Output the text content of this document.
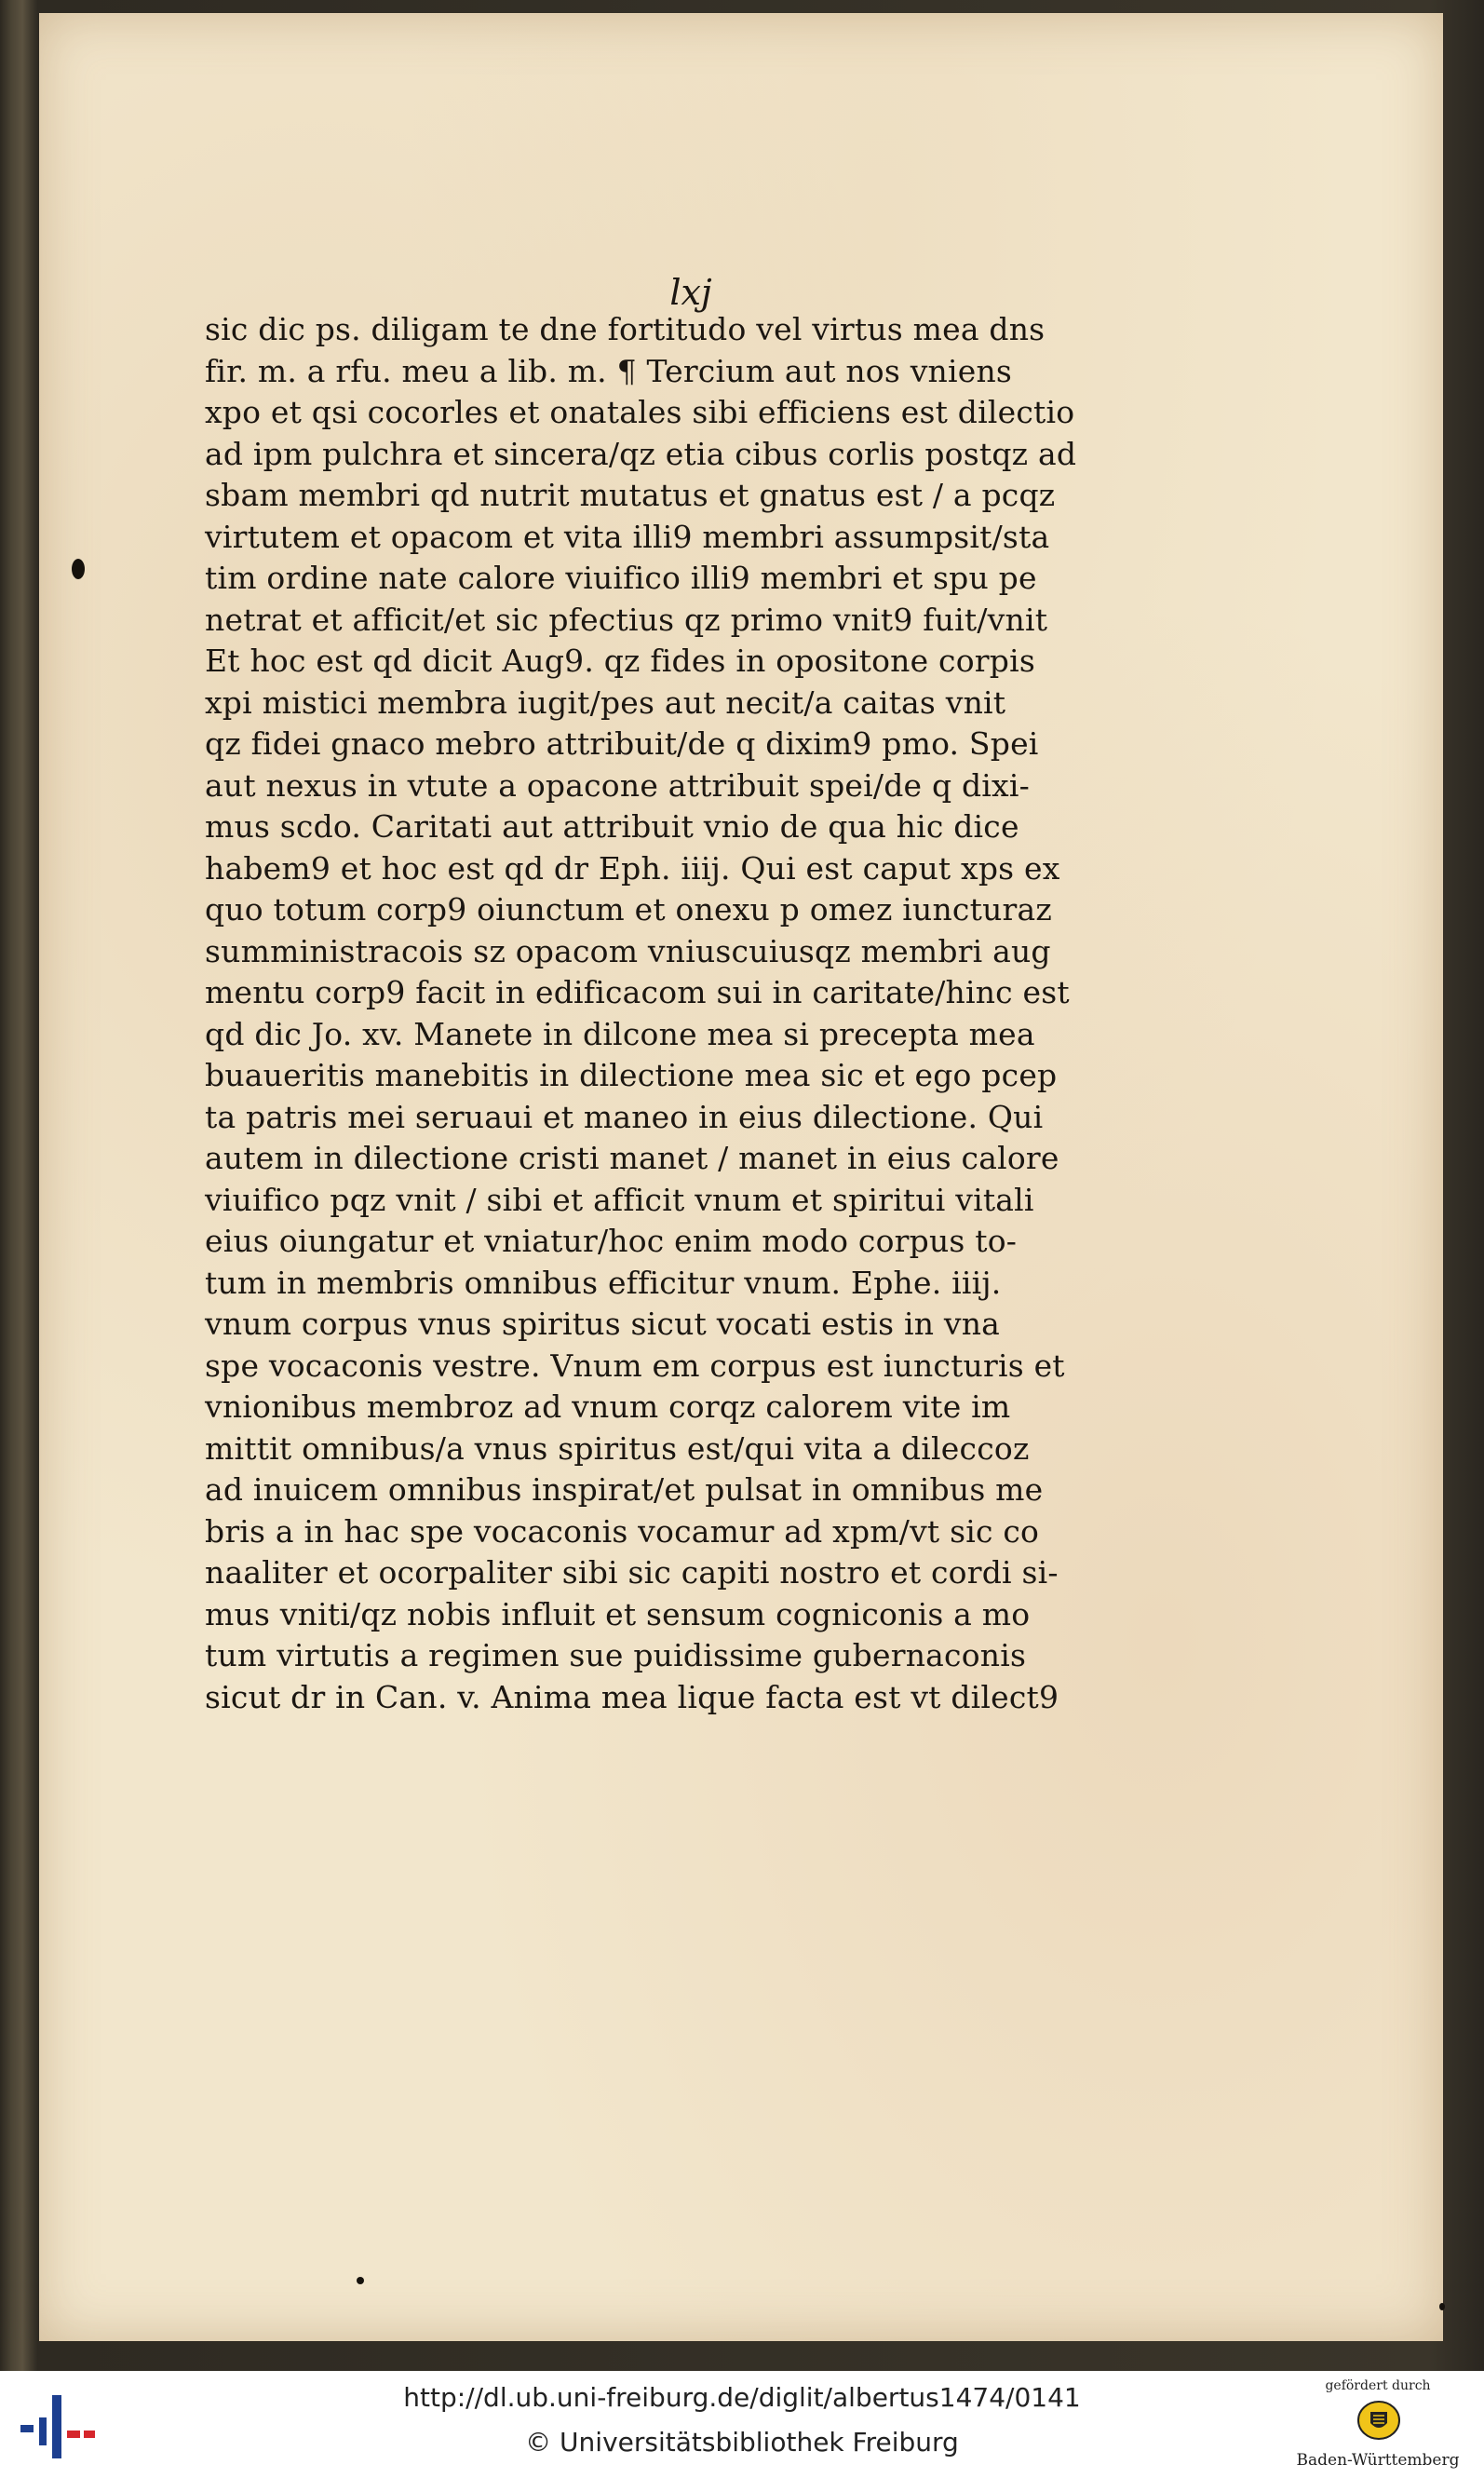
lxj
sic dic ps. diligam te dne fortitudo vel virtus mea dns
fir. m. a rfu. meu a lib. m. ¶ Tercium aut nos vniens
xpo et qsi cocorles et onatales sibi efficiens est dilectio
ad ipm pulchra et sincera/qz etia cibus corlis postqz ad
sbam membri qd nutrit mutatus et gnatus est / a pcqz
virtutem et opacom et vita illi9 membri assumpsit/sta
tim ordine nate calore viuifico illi9 membri et spu pe
netrat et afficit/et sic pfectius qz primo vnit9 fuit/vnit
Et hoc est qd dicit Aug9. qz fides in opositone corpis
xpi mistici membra iugit/pes aut necit/a caitas vnit
qz fidei gnaco mebro attribuit/de q dixim9 pmo. Spei
aut nexus in vtute a opacone attribuit spei/de q dixi-
mus scdo. Caritati aut attribuit vnio de qua hic dice
habem9 et hoc est qd dr Eph. iiij. Qui est caput xps ex
quo totum corp9 oiunctum et onexu p omez iuncturaz
sumministracois sz opacom vniuscuiusqz membri aug
mentu corp9 facit in edificacom sui in caritate/hinc est
qd dic Jo. xv. Manete in dilcone mea si precepta mea
buaueritis manebitis in dilectione mea sic et ego pcep
ta patris mei seruaui et maneo in eius dilectione. Qui
autem in dilectione cristi manet / manet in eius calore
viuifico pqz vnit / sibi et afficit vnum et spiritui vitali
eius oiungatur et vniatur/hoc enim modo corpus to-
tum in membris omnibus efficitur vnum. Ephe. iiij.
vnum corpus vnus spiritus sicut vocati estis in vna
spe vocaconis vestre. Vnum em corpus est iuncturis et
vnionibus membroz ad vnum corqz calorem vite im
mittit omnibus/a vnus spiritus est/qui vita a dileccoz
ad inuicem omnibus inspirat/et pulsat in omnibus me
bris a in hac spe vocaconis vocamur ad xpm/vt sic co
naaliter et ocorpaliter sibi sic capiti nostro et cordi si-
mus vniti/qz nobis influit et sensum cogniconis a mo
tum virtutis a regimen sue puidissime gubernaconis
sicut dr in Can. v. Anima mea lique facta est vt dilect9
http://dl.ub.uni-freiburg.de/diglit/albertus1474/0141
© Universitätsbibliothek Freiburg
gefördert durch
Baden-Württemberg
